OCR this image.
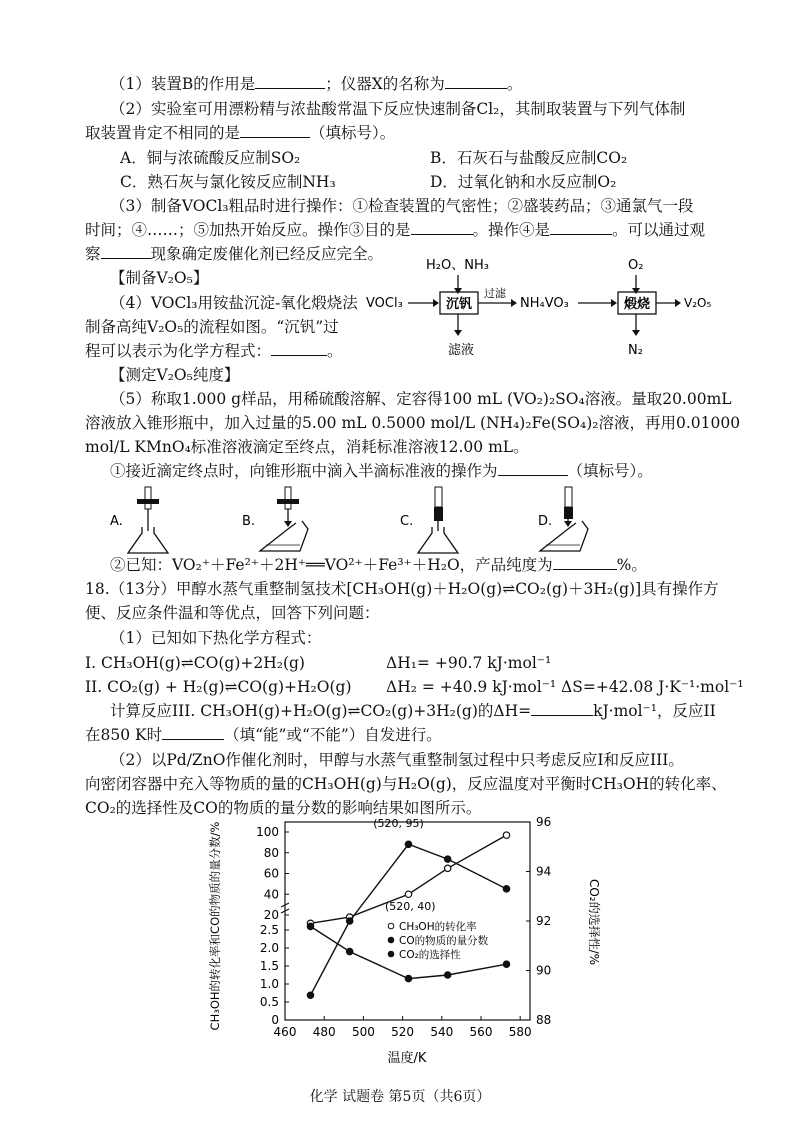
（1）装置B的作用是	；仪器X的名称为	。
（2）实验室可用漂粉精与浓盐酸常温下反应快速制备Cl₂，其制取装置与下列气体制
取装置肯定不相同的是	（填标号）。
A．铜与浓硫酸反应制SO₂	B．石灰石与盐酸反应制CO₂
C．熟石灰与氯化铵反应制NH₃	D．过氧化钠和水反应制O₂
（3）制备VOCl₃粗品时进行操作：①检查装置的气密性；②盛装药品；③通氯气一段
时间；④……；⑤加热开始反应。操作③目的是	。操作④是	。可以通过观
察	现象确定废催化剂已经反应完全。
【制备V₂O₅】
（4）VOCl₃用铵盐沉淀-氧化煅烧法
制备高纯V₂O₅的流程如图。“沉钒”过
程可以表示为化学方程式：	。
【测定V₂O₅纯度】
H₂O、NH₃
VOCl₃	沉钒
过滤
NH₄VO₃
O₂
煅烧	V₂O₅
滤液	N₂
（5）称取1.000 g样品，用稀硫酸溶解、定容得100 mL (VO₂)₂SO₄溶液。量取20.00mL
溶液放入锥形瓶中，加入过量的5.00 mL 0.5000 mol/L (NH₄)₂Fe(SO₄)₂溶液，再用0.01000
mol/L KMnO₄标准溶液滴定至终点，消耗标准溶液12.00 mL。
①接近滴定终点时，向锥形瓶中滴入半滴标准液的操作为	（填标号）。
A.	B.	C.	D.
②已知：VO₂⁺＋Fe²⁺＋2H⁺══VO²⁺＋Fe³⁺＋H₂O，产品纯度为	%。
18.（13分）甲醇水蒸气重整制氢技术[CH₃OH(g)＋H₂O(g)⇌CO₂(g)＋3H₂(g)]具有操作方
便、反应条件温和等优点，回答下列问题：
（1）已知如下热化学方程式：
I. CH₃OH(g)⇌CO(g)+2H₂(g)	ΔH₁= +90.7 kJ·mol⁻¹
II. CO₂(g) + H₂(g)⇌CO(g)+H₂O(g) ΔH₂ = +40.9 kJ·mol⁻¹ ΔS=+42.08 J·K⁻¹·mol⁻¹
计算反应III. CH₃OH(g)+H₂O(g)⇌CO₂(g)+3H₂(g)的ΔH=	kJ·mol⁻¹，反应II
在850 K时	（填“能”或“不能”）自发进行。
（2）以Pd/ZnO作催化剂时，甲醇与水蒸气重整制氢过程中只考虑反应I和反应III。
向密闭容器中充入等物质的量的CH₃OH(g)与H₂O(g)，反应温度对平衡时CH₃OH的转化率、
CO₂的选择性及CO的物质的量分数的影响结果如图所示。
460 480 500 520 540 560 580
20
40
60
80
100
0
0.5
1.0
1.5
2.0
2.5
88
90
92
94
96
(520, 95)
(520, 40)
CH₃OH的转化率
CO的物质的量分数
CO₂的选择性
CH₃OH的转化率和CO的物质的量分数/%	CO₂的选择性/%
温度/K
化学 试题卷 第5页（共6页）
